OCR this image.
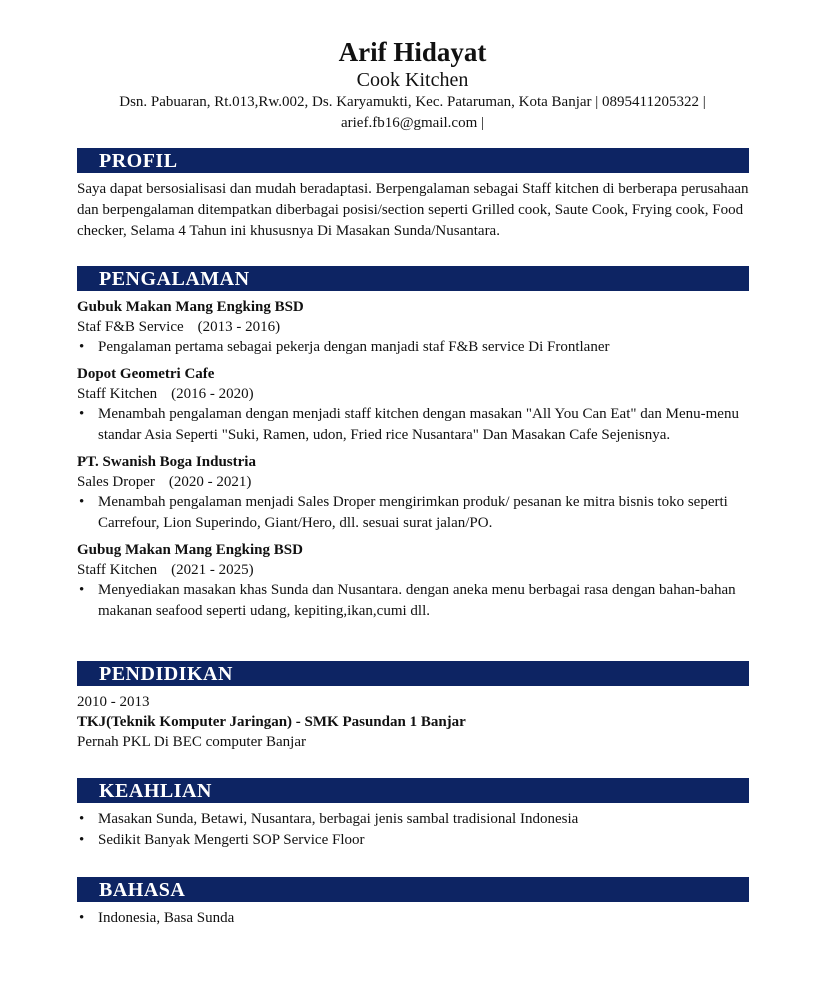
Arif Hidayat

Cook Kitchen

Dsn. Pabuaran, Rt.013,Rw.002, Ds. Karyamukti, Kec. Pataruman, Kota Banjar | 0895411205322 |

arief.fb16@gmail.com |

PROFIL

Saya dapat bersosialisasi dan mudah beradaptasi. Berpengalaman sebagai Staff kitchen di berberapa perusahaan dan berpengalaman ditempatkan diberbagai posisi/section seperti Grilled cook, Saute Cook, Frying cook, Food checker, Selama 4 Tahun ini khususnya Di Masakan Sunda/Nusantara.

PENGALAMAN

Gubuk Makan Mang Engking BSD

Staf F&B Service (2013 - 2016)

• Pengalaman pertama sebagai pekerja dengan manjadi staf F&B service Di Frontlaner

Dopot Geometri Cafe

Staff Kitchen (2016 - 2020)

• Menambah pengalaman dengan menjadi staff kitchen dengan masakan "All You Can Eat" dan Menu-menu standar Asia Seperti "Suki, Ramen, udon, Fried rice Nusantara" Dan Masakan Cafe Sejenisnya.

PT. Swanish Boga Industria

Sales Droper (2020 - 2021)

• Menambah pengalaman menjadi Sales Droper mengirimkan produk/ pesanan ke mitra bisnis toko seperti Carrefour, Lion Superindo, Giant/Hero, dll. sesuai surat jalan/PO.

Gubug Makan Mang Engking BSD

Staff Kitchen (2021 - 2025)

• Menyediakan masakan khas Sunda dan Nusantara. dengan aneka menu berbagai rasa dengan bahan-bahan makanan seafood seperti udang, kepiting,ikan,cumi dll.
PENDIDIKAN

2010 - 2013

TKJ(Teknik Komputer Jaringan) - SMK Pasundan 1 Banjar

Pernah PKL Di BEC computer Banjar

KEAHLIAN
• Masakan Sunda, Betawi, Nusantara, berbagai jenis sambal tradisional Indonesia
• Sedikit Banyak Mengerti SOP Service Floor
BAHASA
• Indonesia, Basa Sunda
